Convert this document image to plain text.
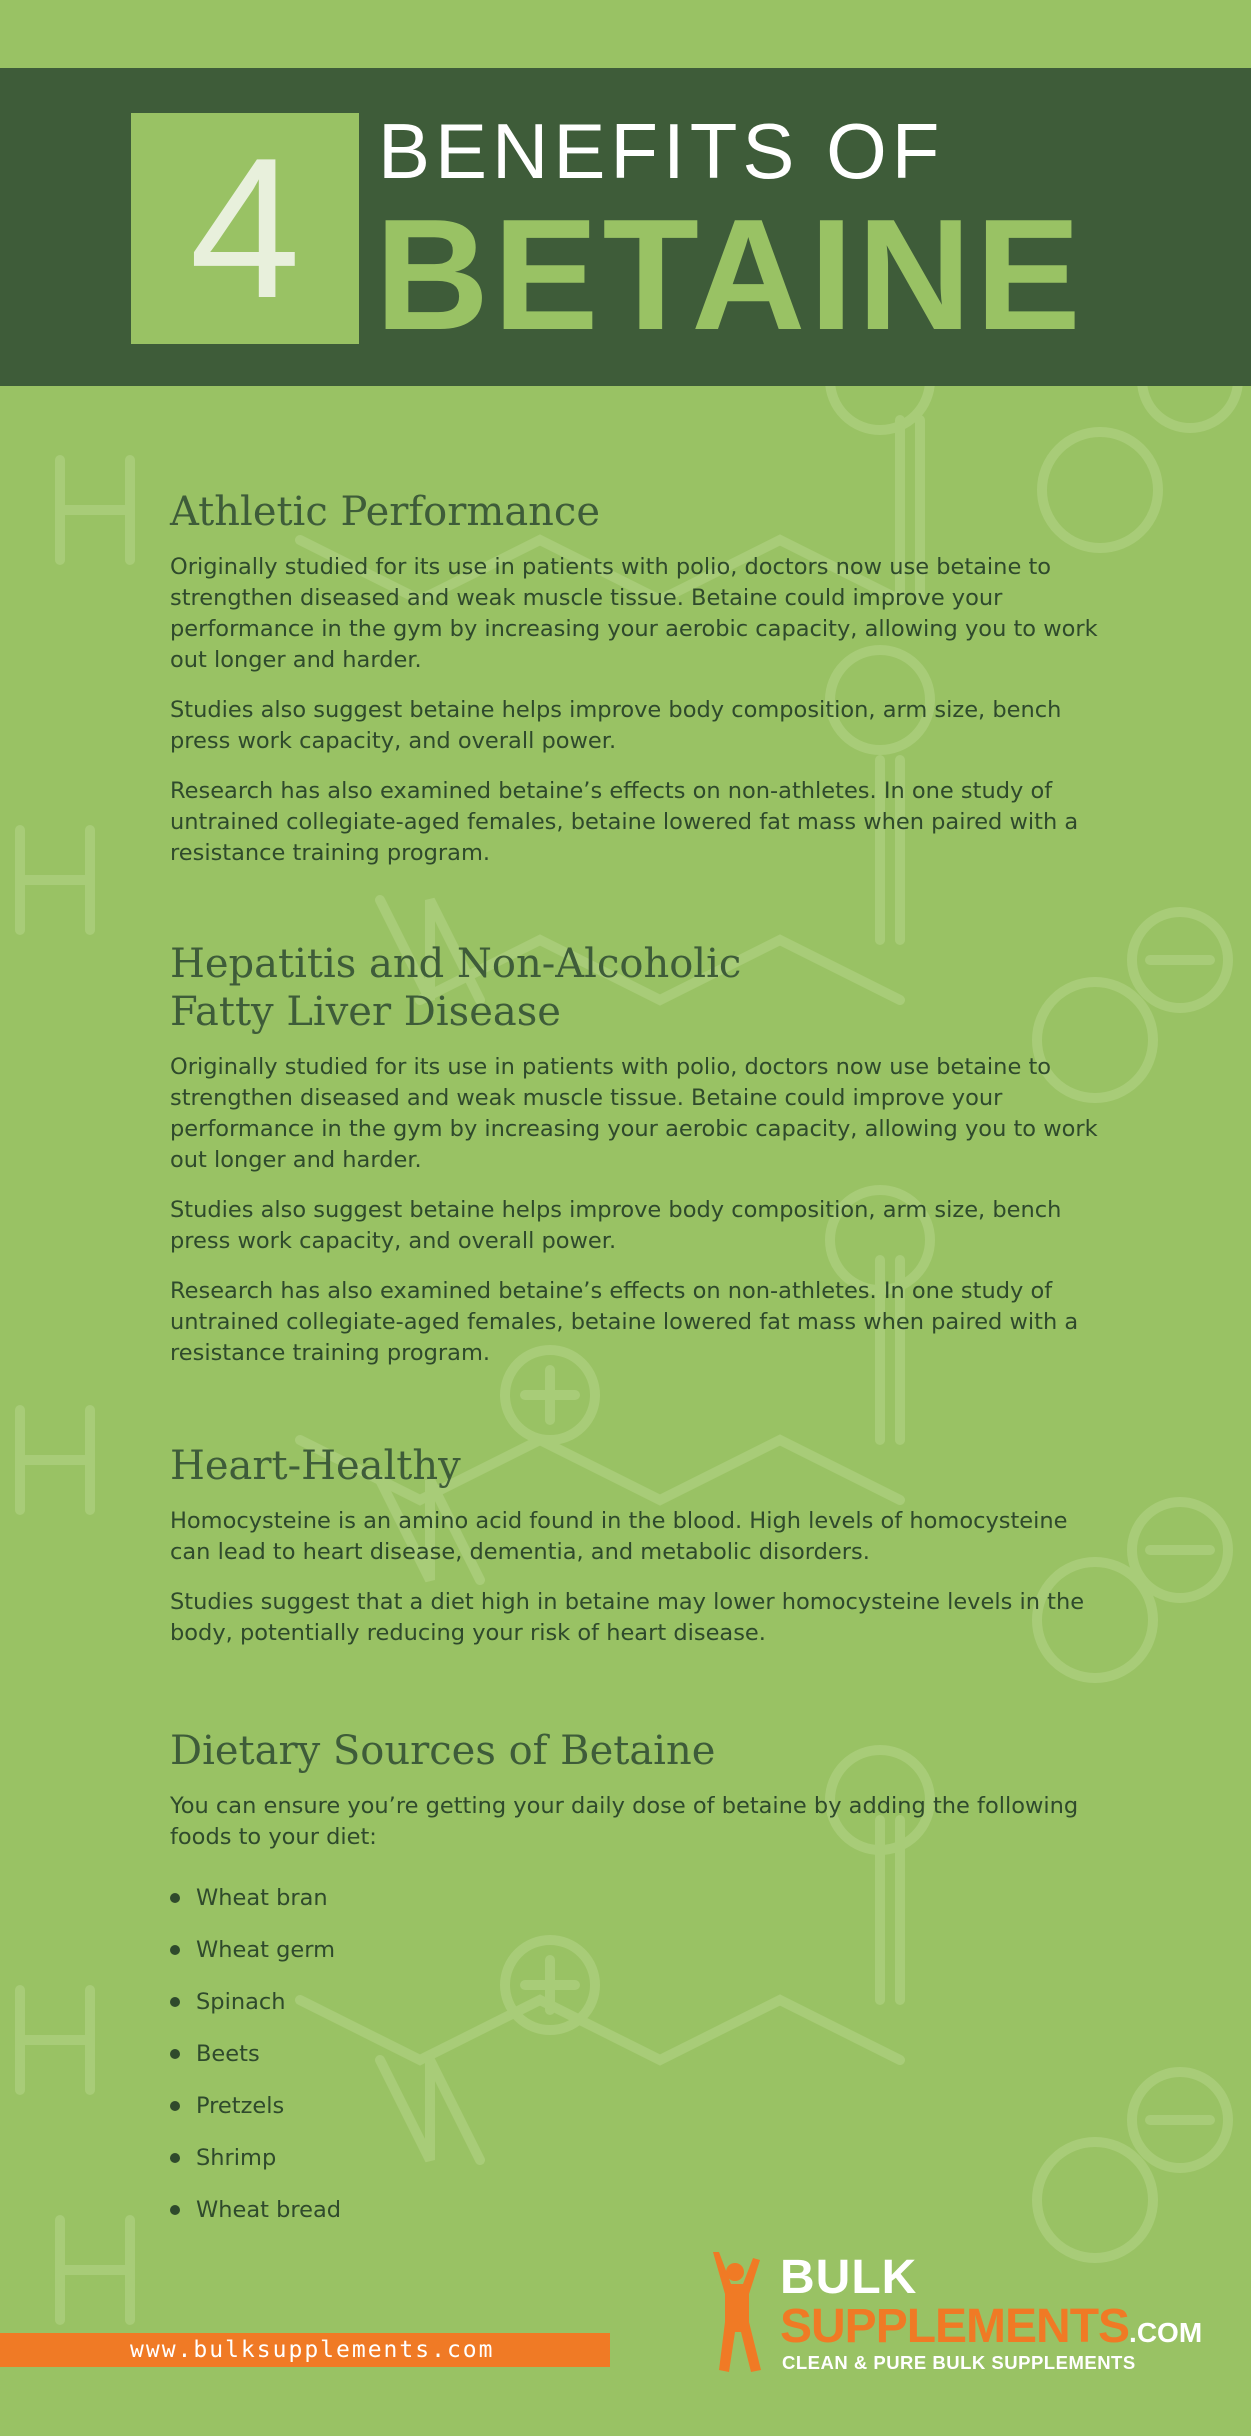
4 BENEFITS OF
BETAINE
Athletic Performance

Originally studied for its use in patients with polio, doctors now use betaine to strengthen diseased and weak muscle tissue. Betaine could improve your performance in the gym by increasing your aerobic capacity, allowing you to work out longer and harder.

Studies also suggest betaine helps improve body composition, arm size, bench press work capacity, and overall power.

Research has also examined betaine’s effects on non-athletes. In one study of untrained collegiate-aged females, betaine lowered fat mass when paired with a resistance training program.

Hepatitis and Non-Alcoholic
Fatty Liver Disease

Originally studied for its use in patients with polio, doctors now use betaine to strengthen diseased and weak muscle tissue. Betaine could improve your performance in the gym by increasing your aerobic capacity, allowing you to work out longer and harder.

Studies also suggest betaine helps improve body composition, arm size, bench press work capacity, and overall power.

Research has also examined betaine’s effects on non-athletes. In one study of untrained collegiate-aged females, betaine lowered fat mass when paired with a resistance training program.

Heart-Healthy

Homocysteine is an amino acid found in the blood. High levels of homocysteine can lead to heart disease, dementia, and metabolic disorders.

Studies suggest that a diet high in betaine may lower homocysteine levels in the body, potentially reducing your risk of heart disease.

Dietary Sources of Betaine

You can ensure you’re getting your daily dose of betaine by adding the following foods to your diet:

Wheat bran
Wheat germ
Spinach
Beets
Pretzels
Shrimp
Wheat bread
www.bulksupplements.com
BULK
SUPPLEMENTS.COM
CLEAN & PURE BULK SUPPLEMENTS
